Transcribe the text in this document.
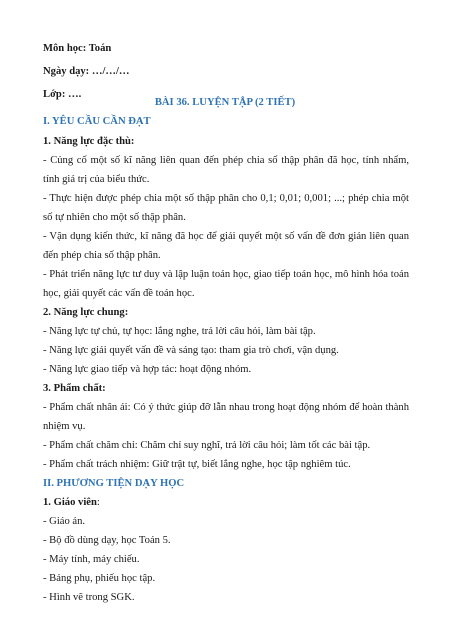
Môn học: Toán
Ngày dạy: …/…/…
Lớp: ….
BÀI 36. LUYỆN TẬP (2 TIẾT)
I. YÊU CẦU CẦN ĐẠT
1. Năng lực đặc thù:
- Củng cố một số kĩ năng liên quan đến phép chia số thập phân đã học, tính nhẩm,
tính giá trị của biểu thức.
- Thực hiện được phép chia một số thập phân cho 0,1; 0,01; 0,001; ...; phép chia một
số tự nhiên cho một số thập phân.
- Vận dụng kiến thức, kĩ năng đã học để giải quyết một số vấn đề đơn giản liên quan
đến phép chia số thập phân.
- Phát triển năng lực tư duy và lập luận toán học, giao tiếp toán học, mô hình hóa toán
học, giải quyết các vấn đề toán học.
2. Năng lực chung:
- Năng lực tự chủ, tự học: lắng nghe, trả lời câu hỏi, làm bài tập.
- Năng lực giải quyết vấn đề và sáng tạo: tham gia trò chơi, vận dụng.
- Năng lực giao tiếp và hợp tác: hoạt động nhóm.
3. Phẩm chất:
- Phẩm chất nhân ái: Có ý thức giúp đỡ lẫn nhau trong hoạt động nhóm để hoàn thành
nhiệm vụ.
- Phẩm chất chăm chỉ: Chăm chỉ suy nghĩ, trả lời câu hỏi; làm tốt các bài tập.
- Phẩm chất trách nhiệm: Giữ trật tự, biết lắng nghe, học tập nghiêm túc.
II. PHƯƠNG TIỆN DẠY HỌC
1. Giáo viên:
- Giáo án.
- Bộ đồ dùng dạy, học Toán 5.
- Máy tính, máy chiếu.
- Bảng phụ, phiếu học tập.
- Hình vẽ trong SGK.
